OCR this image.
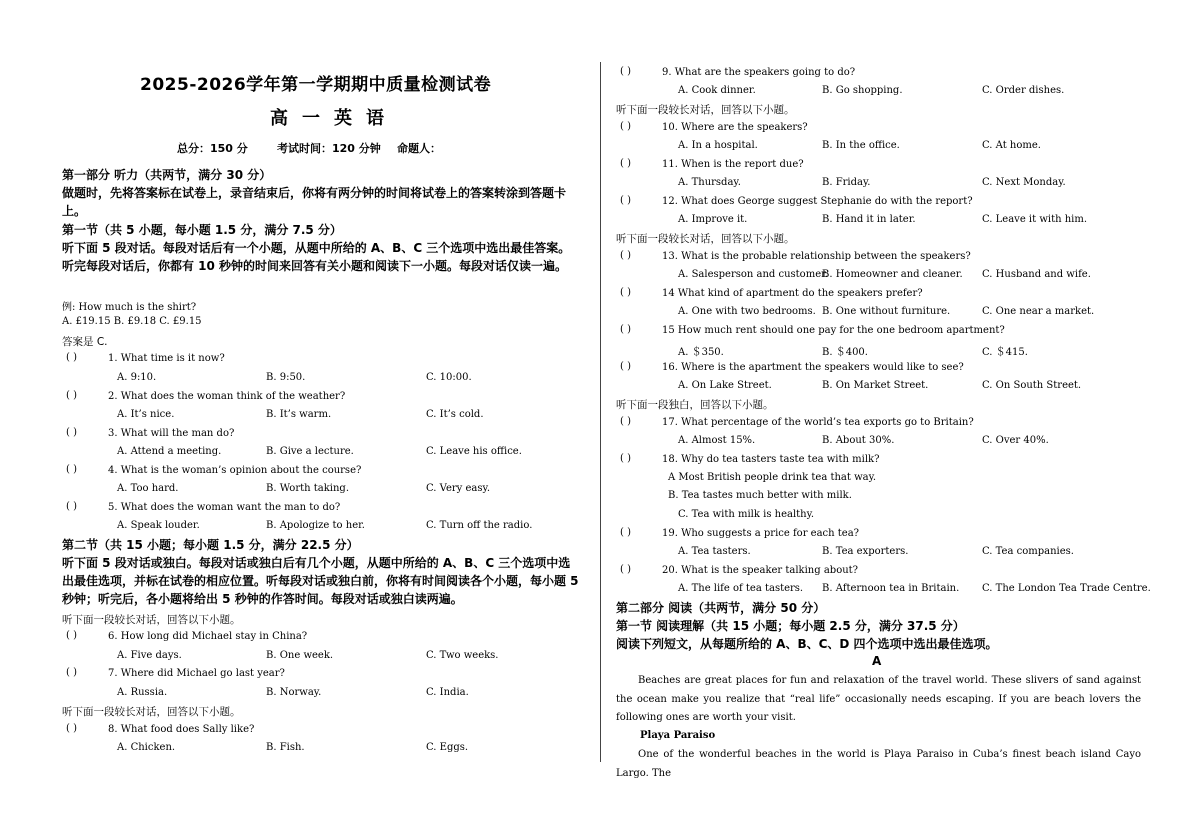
2025-2026学年第一学期期中质量检测试卷
高一英语
总分：150 分	考试时间：120 分钟 命题人：
第一部分 听力（共两节，满分 30 分）
做题时，先将答案标在试卷上，录音结束后，你将有两分钟的时间将试卷上的答案转涂到答题卡上。
第一节（共 5 小题，每小题 1.5 分，满分 7.5 分）
听下面 5 段对话。每段对话后有一个小题，从题中所给的 A、B、C 三个选项中选出最佳答案。听完每段对话后，你都有 10 秒钟的时间来回答有关小题和阅读下一小题。每段对话仅读一遍。
例: How much is the shirt?
A. £19.15 B. £9.18 C. £9.15
答案是 C.
( )	1. What time is it now?
A. 9:10.	B. 9:50.	C. 10:00.
( )	2. What does the woman think of the weather?
A. It’s nice.	B. It’s warm.	C. It’s cold.
( )	3. What will the man do?
A. Attend a meeting.	B. Give a lecture.	C. Leave his office.
( )	4. What is the woman’s opinion about the course?
A. Too hard.	B. Worth taking.	C. Very easy.
( )	5. What does the woman want the man to do?
A. Speak louder.	B. Apologize to her.	C. Turn off the radio.
第二节（共 15 小题；每小题 1.5 分，满分 22.5 分）
听下面 5 段对话或独白。每段对话或独白后有几个小题，从题中所给的 A、B、C 三个选项中选出最佳选项，并标在试卷的相应位置。听每段对话或独白前，你将有时间阅读各个小题，每小题 5 秒钟；听完后，各小题将给出 5 秒钟的作答时间。每段对话或独白读两遍。
听下面一段较长对话，回答以下小题。
( )	6. How long did Michael stay in China?
A. Five days.	B. One week.	C. Two weeks.
( )	7. Where did Michael go last year?
A. Russia.	B. Norway.	C. India.
听下面一段较长对话，回答以下小题。
( )	8. What food does Sally like?
A. Chicken.	B. Fish.	C. Eggs.
( )	9. What are the speakers going to do?
A. Cook dinner.	B. Go shopping.	C. Order dishes.
听下面一段较长对话，回答以下小题。
( )	10. Where are the speakers?
A. In a hospital.	B. In the office.	C. At home.
( )	11. When is the report due?
A. Thursday.	B. Friday.	C. Next Monday.
( )	12. What does George suggest Stephanie do with the report?
A. Improve it.	B. Hand it in later.	C. Leave it with him.
听下面一段较长对话，回答以下小题。
( )	13. What is the probable relationship between the speakers?
A. Salesperson and customer.
B. Homeowner and cleaner. C. Husband and wife.
( )	14 What kind of apartment do the speakers prefer?
A. One with two bedrooms. B. One without furniture.	C. One near a market.
( )	15 How much rent should one pay for the one bedroom apartment?
A. ＄350.	B. ＄400.	C. ＄415.
( )	16. Where is the apartment the speakers would like to see?
A. On Lake Street.	B. On Market Street.	C. On South Street.
听下面一段独白，回答以下小题。
( )	17. What percentage of the world’s tea exports go to Britain?
A. Almost 15%.	B. About 30%.	C. Over 40%.
( )	18. Why do tea tasters taste tea with milk?
A Most British people drink tea that way.
B. Tea tastes much better with milk.
C. Tea with milk is healthy.
( )	19. Who suggests a price for each tea?
A. Tea tasters.	B. Tea exporters.	C. Tea companies.
( )	20. What is the speaker talking about?
A. The life of tea tasters. B. Afternoon tea in Britain. C. The London Tea Trade Centre.
第二部分 阅读（共两节，满分 50 分）
第一节 阅读理解（共 15 小题；每小题 2.5 分，满分 37.5 分）
阅读下列短文，从每题所给的 A、B、C、D 四个选项中选出最佳选项。
A
Beaches are great places for fun and relaxation of the travel world. These slivers of sand against the ocean make you realize that “real life” occasionally needs escaping. If you are beach lovers the following ones are worth your visit.
Playa Paraiso
One of the wonderful beaches in the world is Playa Paraiso in Cuba’s finest beach island Cayo Largo. The
